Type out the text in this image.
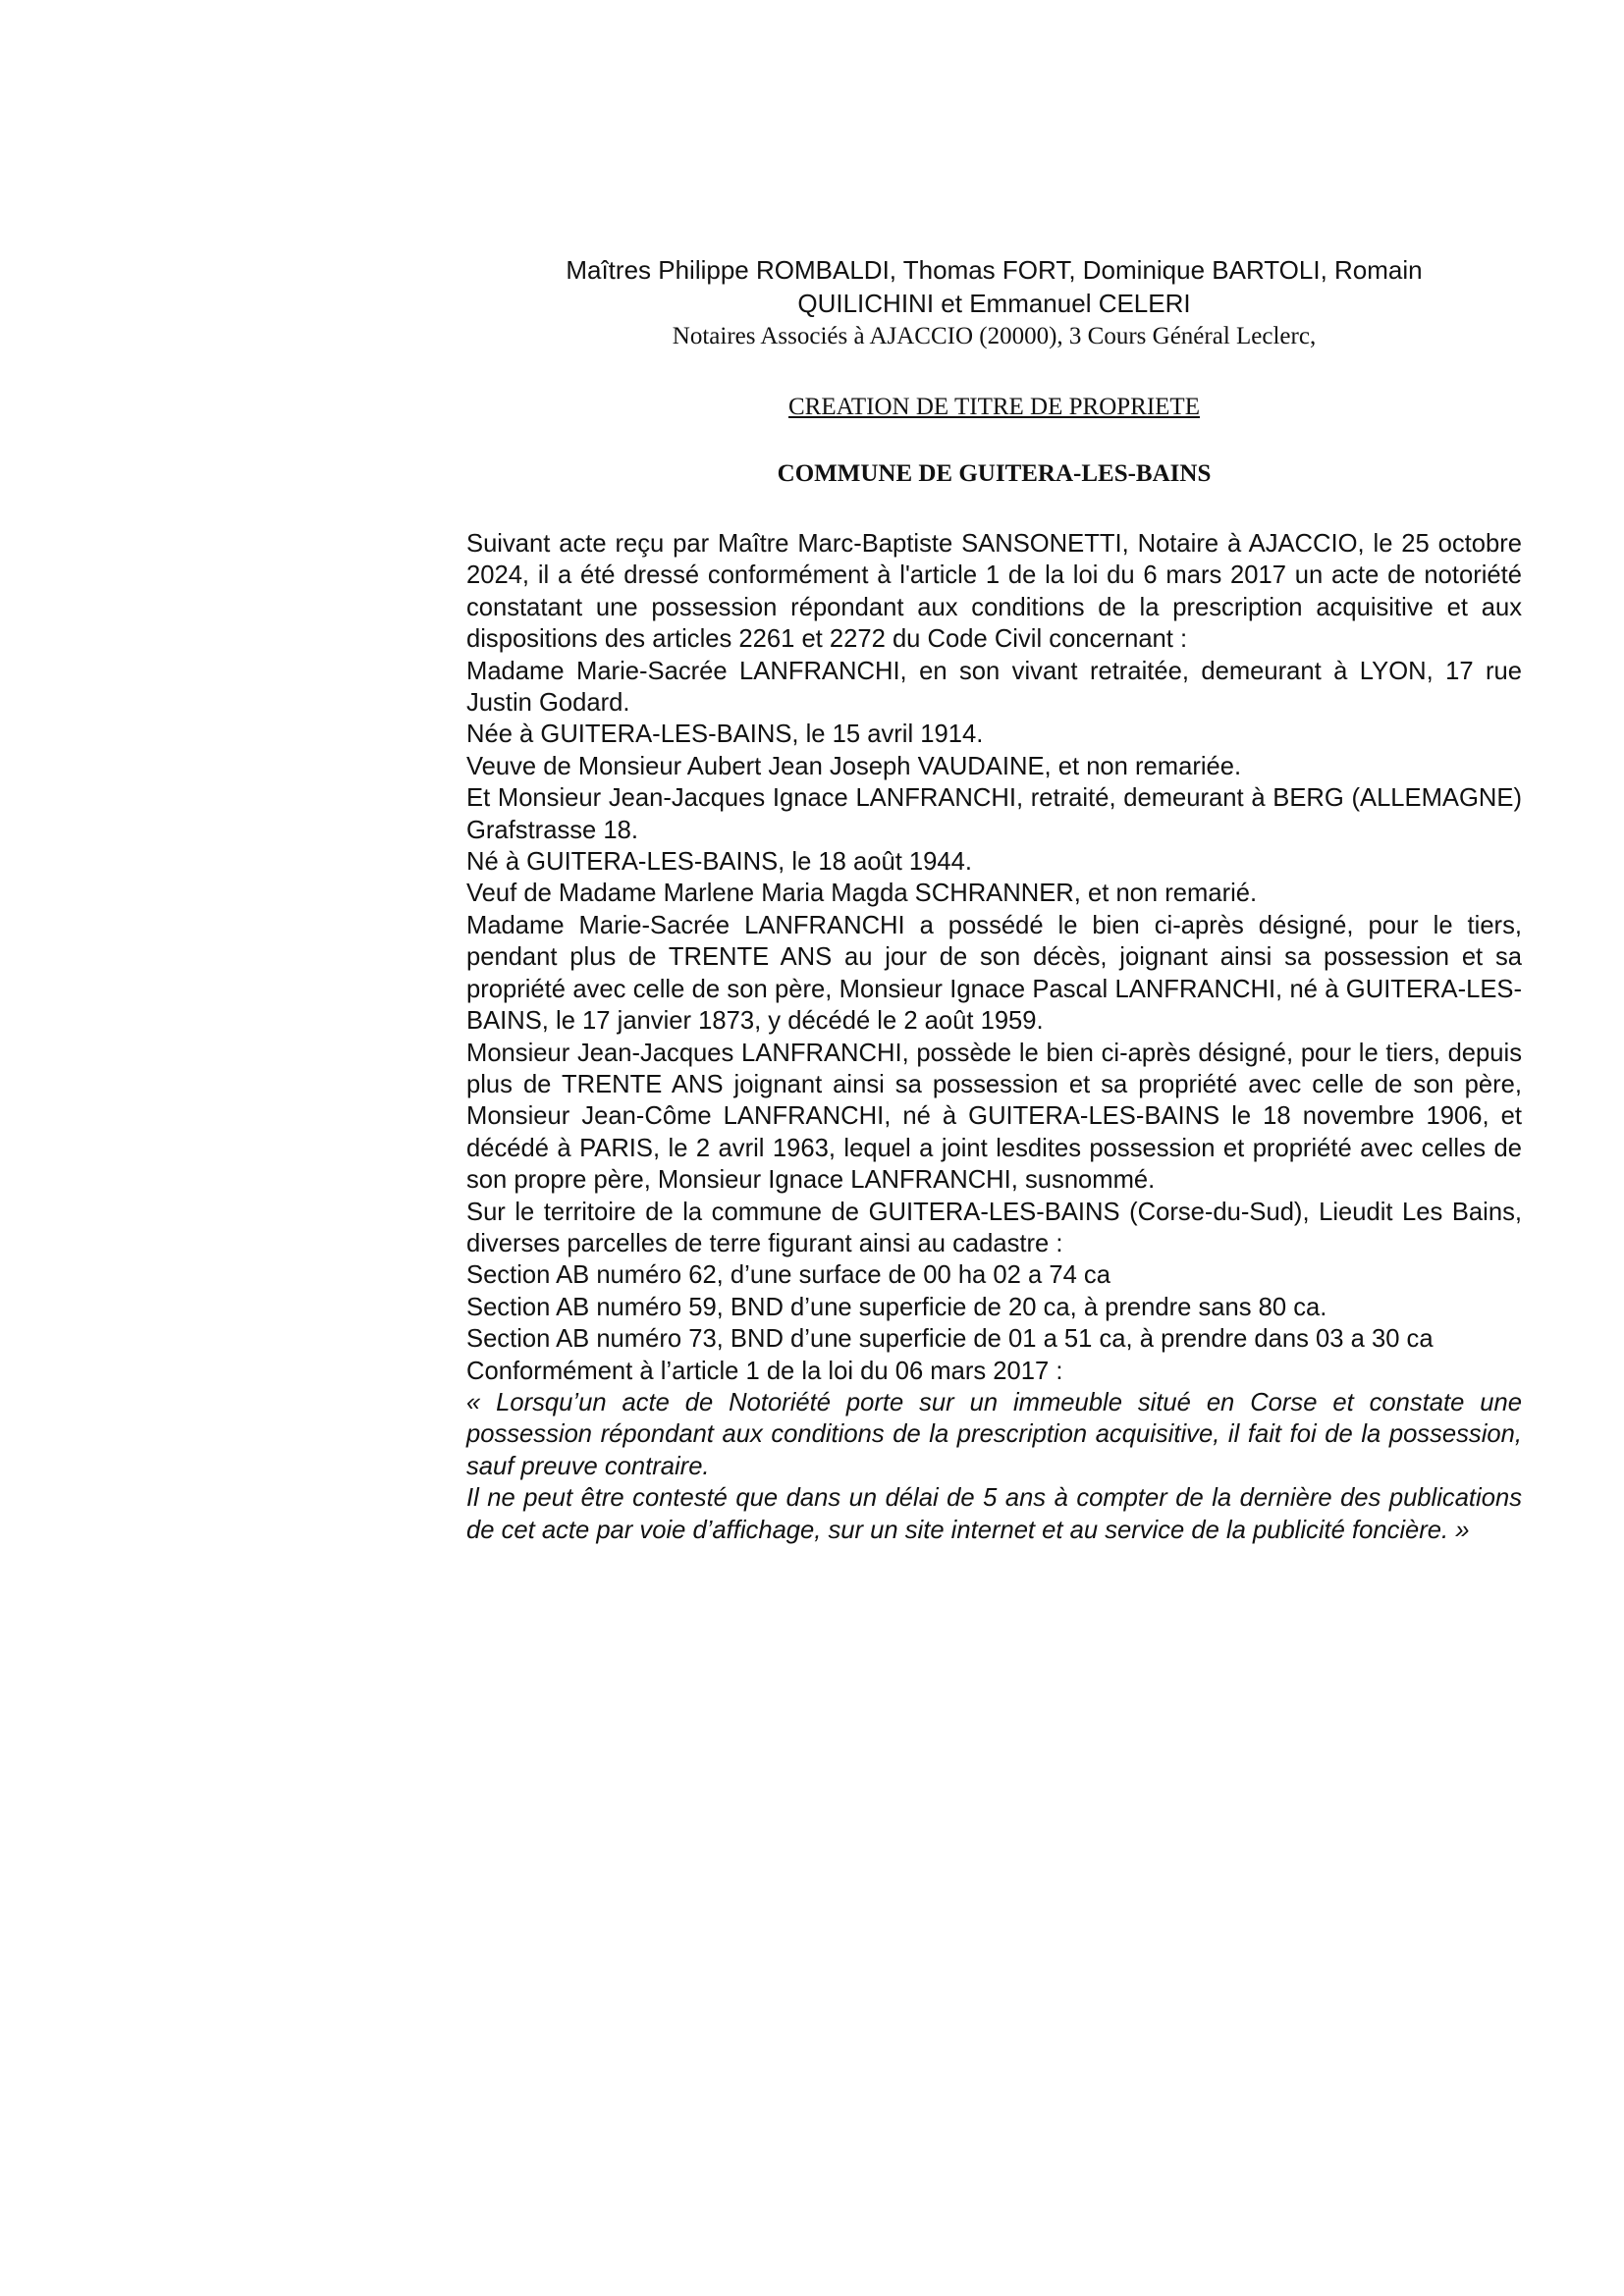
Maîtres Philippe ROMBALDI, Thomas FORT, Dominique BARTOLI, Romain

QUILICHINI et Emmanuel CELERI

Notaires Associés à AJACCIO (20000), 3 Cours Général Leclerc,

CREATION DE TITRE DE PROPRIETE

COMMUNE DE GUITERA-LES-BAINS

Suivant acte reçu par Maître Marc-Baptiste SANSONETTI, Notaire à AJACCIO, le 25 octobre 2024, il a été dressé conformément à l'article 1 de la loi du 6 mars 2017 un acte de notoriété constatant une possession répondant aux conditions de la prescription acquisitive et aux dispositions des articles 2261 et 2272 du Code Civil concernant :

Madame Marie-Sacrée LANFRANCHI, en son vivant retraitée, demeurant à LYON, 17 rue Justin Godard.

Née à GUITERA-LES-BAINS, le 15 avril 1914.

Veuve de Monsieur Aubert Jean Joseph VAUDAINE, et non remariée.

Et Monsieur Jean-Jacques Ignace LANFRANCHI, retraité, demeurant à BERG (ALLEMAGNE) Grafstrasse 18.

Né à GUITERA-LES-BAINS, le 18 août 1944.

Veuf de Madame Marlene Maria Magda SCHRANNER, et non remarié.

Madame Marie-Sacrée LANFRANCHI a possédé le bien ci-après désigné, pour le tiers, pendant plus de TRENTE ANS au jour de son décès, joignant ainsi sa possession et sa propriété avec celle de son père, Monsieur Ignace Pascal LANFRANCHI, né à GUITERA-LES-BAINS, le 17 janvier 1873, y décédé le 2 août 1959.

Monsieur Jean-Jacques LANFRANCHI, possède le bien ci-après désigné, pour le tiers, depuis plus de TRENTE ANS joignant ainsi sa possession et sa propriété avec celle de son père, Monsieur Jean-Côme LANFRANCHI, né à GUITERA-LES-BAINS le 18 novembre 1906, et décédé à PARIS, le 2 avril 1963, lequel a joint lesdites possession et propriété avec celles de son propre père, Monsieur Ignace LANFRANCHI, susnommé.

Sur le territoire de la commune de GUITERA-LES-BAINS (Corse-du-Sud), Lieudit Les Bains, diverses parcelles de terre figurant ainsi au cadastre :

Section AB numéro 62, d’une surface de 00 ha 02 a 74 ca

Section AB numéro 59, BND d’une superficie de 20 ca, à prendre sans 80 ca.

Section AB numéro 73, BND d’une superficie de 01 a 51 ca, à prendre dans 03 a 30 ca

Conformément à l’article 1 de la loi du 06 mars 2017 :

« Lorsqu’un acte de Notoriété porte sur un immeuble situé en Corse et constate une possession répondant aux conditions de la prescription acquisitive, il fait foi de la possession, sauf preuve contraire.

Il ne peut être contesté que dans un délai de 5 ans à compter de la dernière des publications de cet acte par voie d’affichage, sur un site internet et au service de la publicité foncière. »
